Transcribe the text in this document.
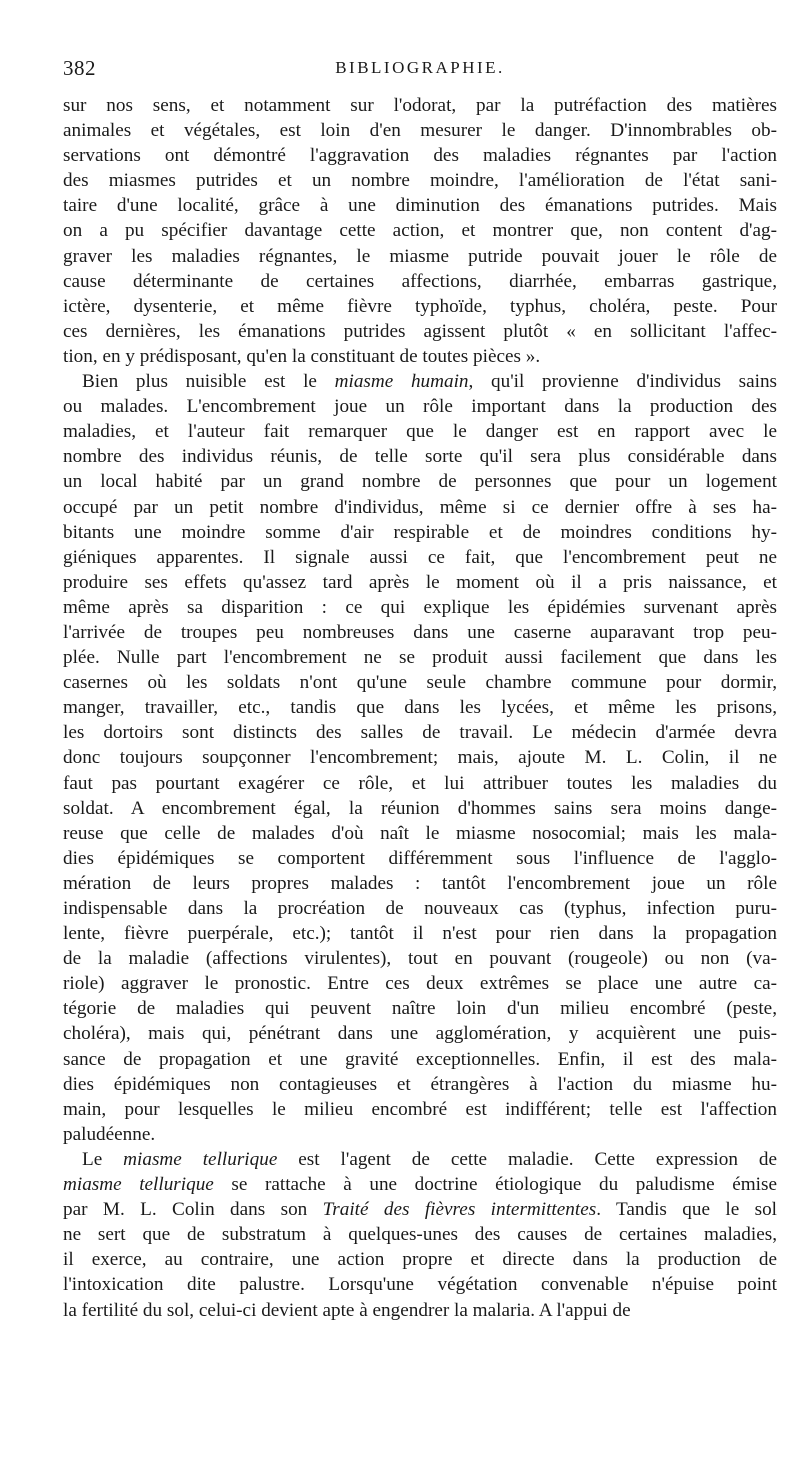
382	BIBLIOGRAPHIE.
sur nos sens, et notamment sur l'odorat, par la putréfaction des matières
animales et végétales, est loin d'en mesurer le danger. D'innombrables ob-
servations ont démontré l'aggravation des maladies régnantes par l'action
des miasmes putrides et un nombre moindre, l'amélioration de l'état sani-
taire d'une localité, grâce à une diminution des émanations putrides. Mais
on a pu spécifier davantage cette action, et montrer que, non content d'ag-
graver les maladies régnantes, le miasme putride pouvait jouer le rôle de
cause déterminante de certaines affections, diarrhée, embarras gastrique,
ictère, dysenterie, et même fièvre typhoïde, typhus, choléra, peste. Pour
ces dernières, les émanations putrides agissent plutôt « en sollicitant l'affec-
tion, en y prédisposant, qu'en la constituant de toutes pièces ».
Bien plus nuisible est le miasme humain, qu'il provienne d'individus sains
ou malades. L'encombrement joue un rôle important dans la production des
maladies, et l'auteur fait remarquer que le danger est en rapport avec le
nombre des individus réunis, de telle sorte qu'il sera plus considérable dans
un local habité par un grand nombre de personnes que pour un logement
occupé par un petit nombre d'individus, même si ce dernier offre à ses ha-
bitants une moindre somme d'air respirable et de moindres conditions hy-
giéniques apparentes. Il signale aussi ce fait, que l'encombrement peut ne
produire ses effets qu'assez tard après le moment où il a pris naissance, et
même après sa disparition : ce qui explique les épidémies survenant après
l'arrivée de troupes peu nombreuses dans une caserne auparavant trop peu-
plée. Nulle part l'encombrement ne se produit aussi facilement que dans les
casernes où les soldats n'ont qu'une seule chambre commune pour dormir,
manger, travailler, etc., tandis que dans les lycées, et même les prisons,
les dortoirs sont distincts des salles de travail. Le médecin d'armée devra
donc toujours soupçonner l'encombrement; mais, ajoute M. L. Colin, il ne
faut pas pourtant exagérer ce rôle, et lui attribuer toutes les maladies du
soldat. A encombrement égal, la réunion d'hommes sains sera moins dange-
reuse que celle de malades d'où naît le miasme nosocomial; mais les mala-
dies épidémiques se comportent différemment sous l'influence de l'agglo-
mération de leurs propres malades : tantôt l'encombrement joue un rôle
indispensable dans la procréation de nouveaux cas (typhus, infection puru-
lente, fièvre puerpérale, etc.); tantôt il n'est pour rien dans la propagation
de la maladie (affections virulentes), tout en pouvant (rougeole) ou non (va-
riole) aggraver le pronostic. Entre ces deux extrêmes se place une autre ca-
tégorie de maladies qui peuvent naître loin d'un milieu encombré (peste,
choléra), mais qui, pénétrant dans une agglomération, y acquièrent une puis-
sance de propagation et une gravité exceptionnelles. Enfin, il est des mala-
dies épidémiques non contagieuses et étrangères à l'action du miasme hu-
main, pour lesquelles le milieu encombré est indifférent; telle est l'affection
paludéenne.
Le miasme tellurique est l'agent de cette maladie. Cette expression de
miasme tellurique se rattache à une doctrine étiologique du paludisme émise
par M. L. Colin dans son Traité des fièvres intermittentes. Tandis que le sol
ne sert que de substratum à quelques-unes des causes de certaines maladies,
il exerce, au contraire, une action propre et directe dans la production de
l'intoxication dite palustre. Lorsqu'une végétation convenable n'épuise point
la fertilité du sol, celui-ci devient apte à engendrer la malaria. A l'appui de
